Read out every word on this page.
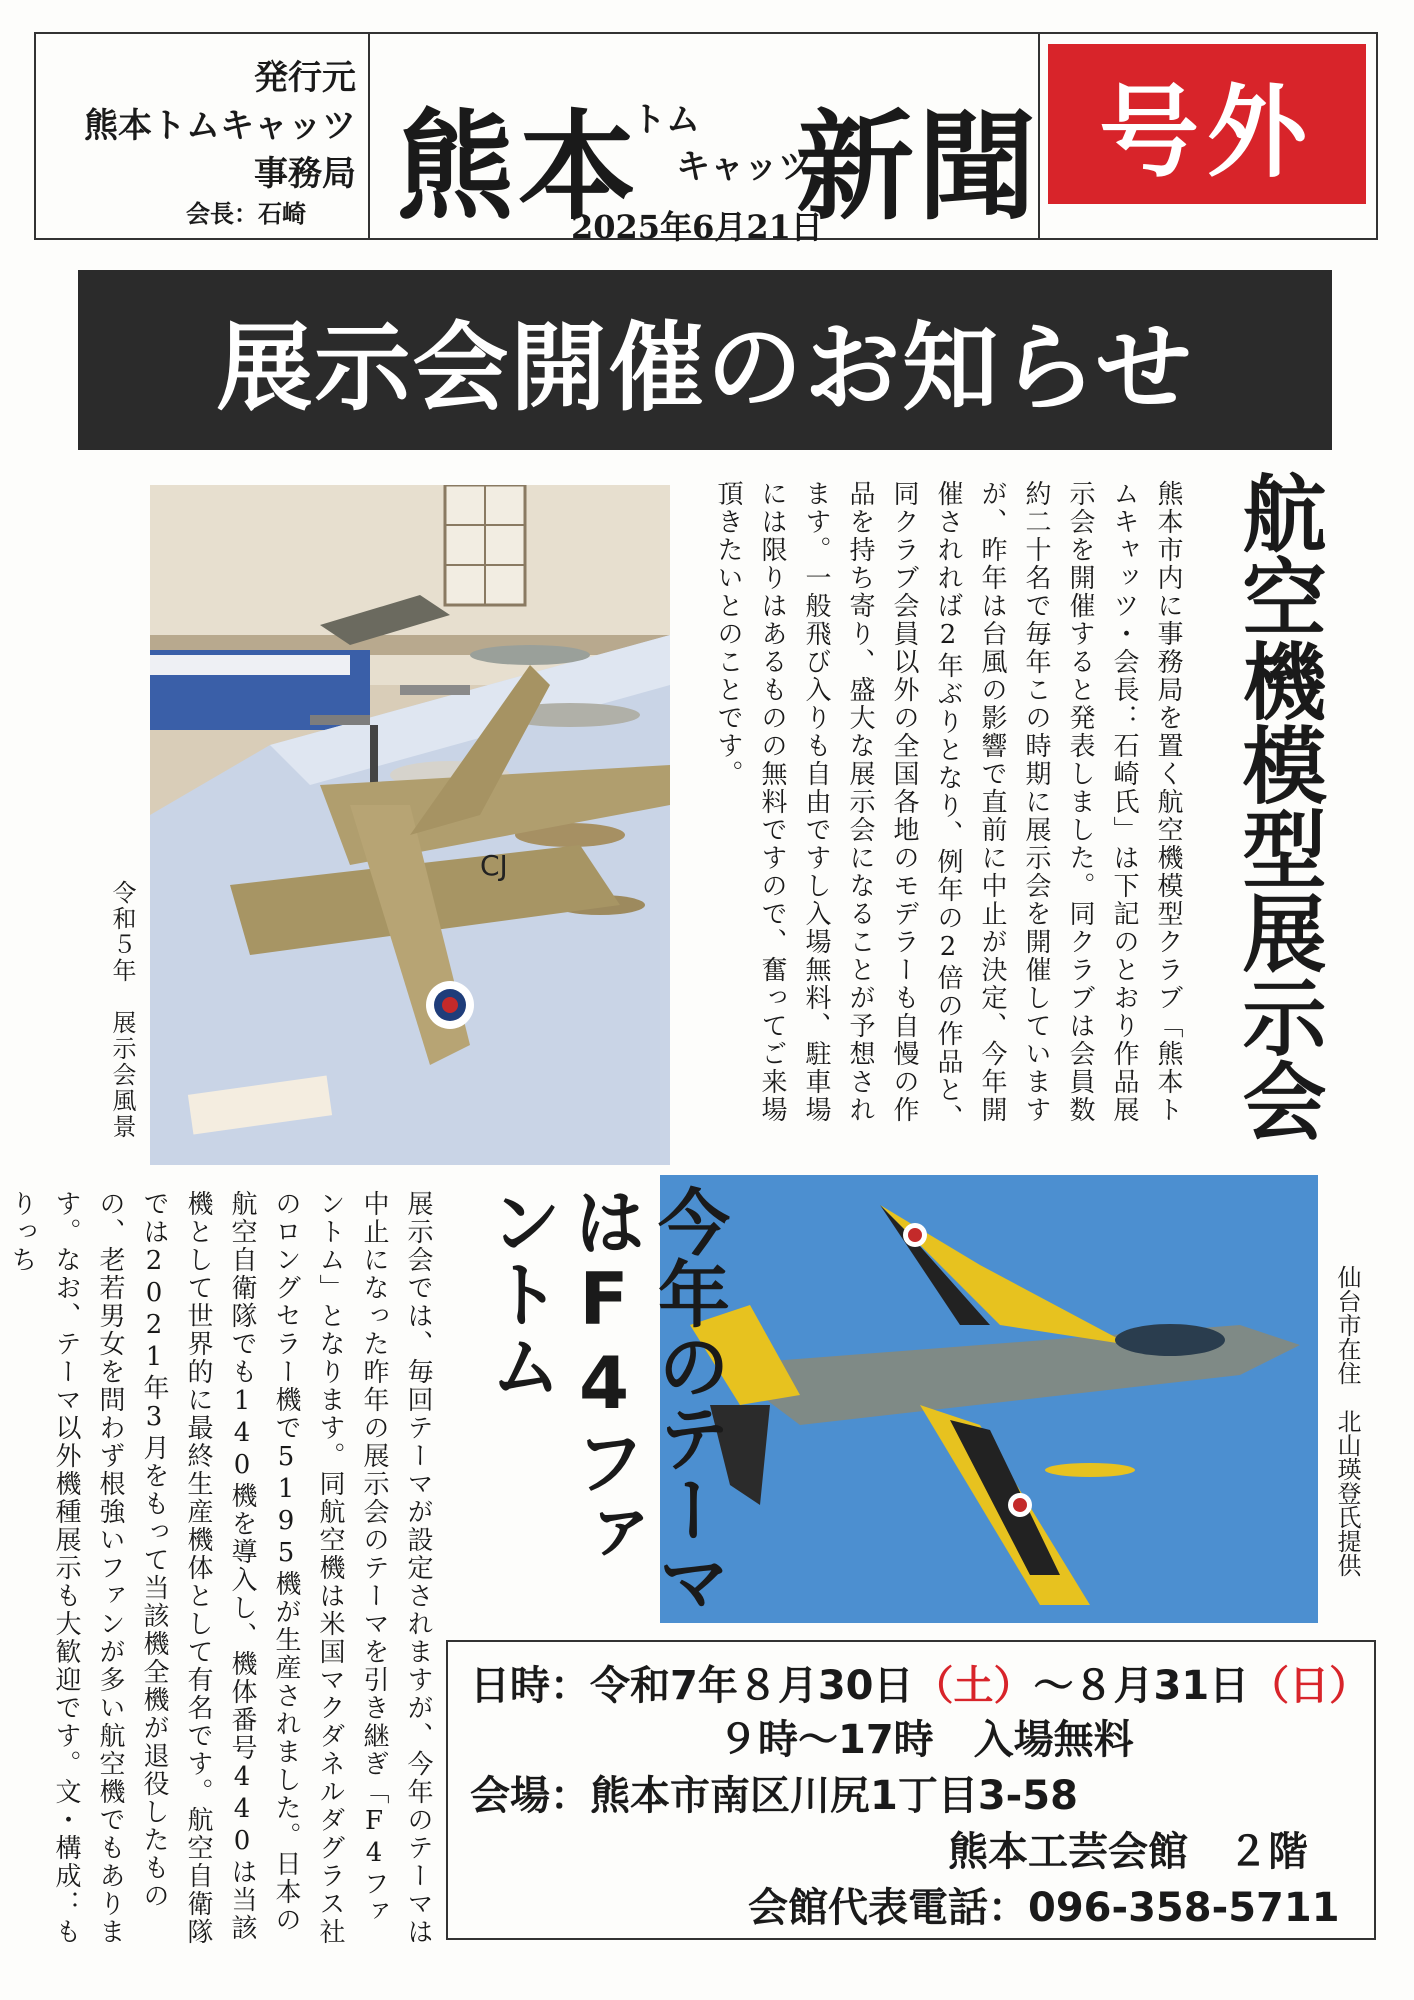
発行元
熊本トムキャッツ
事務局
会長：石崎 熊本
トム
キャッツ
新聞
2025年6月21日
号外
展示会開催のお知らせ
CJ
令和５年　展示会風景	航空機模型展示会
熊本市内に事務局を置く航空機模型クラブ「熊本トムキャッツ・会長：石崎氏」は下記のとおり作品展示会を開催すると発表しました。同クラブは会員数約二十名で毎年この時期に展示会を開催していますが、昨年は台風の影響で直前に中止が決定、今年開催されれば2年ぶりとなり、例年の2倍の作品と、同クラブ会員以外の全国各地のモデラーも自慢の作品を持ち寄り、盛大な展示会になることが予想されます。一般飛び入りも自由ですし入場無料、駐車場には限りはあるものの無料ですので、奮ってご来場頂きたいとのことです。
仙台市在住　北山瑛登氏提供
今年のテーマはF4ファントム
展示会では、毎回テーマが設定されますが、今年のテーマは中止になった昨年の展示会のテーマを引き継ぎ「F4ファントム」となります。同航空機は米国マクダネルダグラス社のロングセラー機で5195機が生産されました。日本の航空自衛隊でも140機を導入し、機体番号440は当該機として世界的に最終生産機体として有名です。航空自衛隊では2021年3月をもって当該機全機が退役したものの、老若男女を問わず根強いファンが多い航空機でもあります。なお、テーマ以外機種展示も大歓迎です。文・構成：もりっち
日時：令和7年８月30日（土）〜８月31日（日）
９時〜17時　入場無料
会場：熊本市南区川尻1丁目3-58
熊本工芸会館　２階
会館代表電話：096-358-5711
